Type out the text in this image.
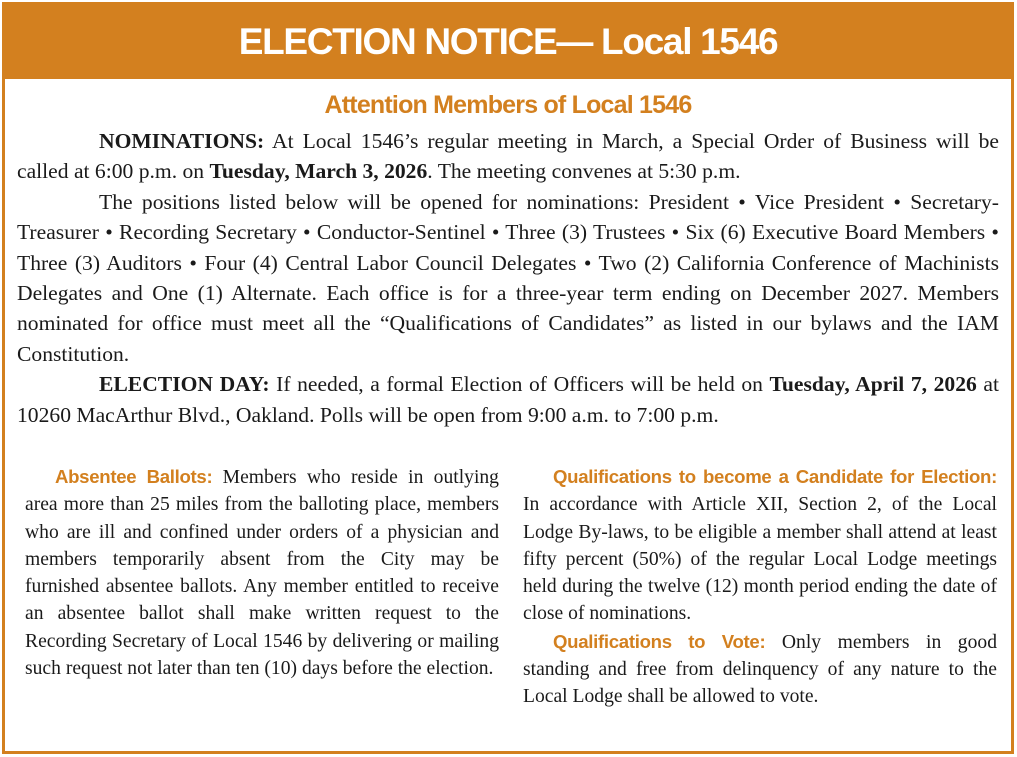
ELECTION NOTICE— Local 1546
Attention Members of Local 1546

NOMINATIONS: At Local 1546’s regular meeting in March, a Special Order of Business will be called at 6:00 p.m. on Tuesday, March 3, 2026. The meeting convenes at 5:30 p.m.

The positions listed below will be opened for nominations: President • Vice President • Secretary-Treasurer • Recording Secretary • Conductor-Sentinel • Three (3) Trustees • Six (6) Executive Board Members • Three (3) Auditors • Four (4) Central Labor Council Delegates • Two (2) California Conference of Machinists Delegates and One (1) Alternate. Each office is for a three-year term ending on December 2027. Members nominated for office must meet all the “Qualifications of Candidates” as listed in our bylaws and the IAM Constitution.

ELECTION DAY: If needed, a formal Election of Officers will be held on Tuesday, April 7, 2026 at 10260 MacArthur Blvd., Oakland. Polls will be open from 9:00 a.m. to 7:00 p.m.

Absentee Ballots: Members who reside in outlying area more than 25 miles from the balloting place, members who are ill and confined under orders of a physician and members temporarily absent from the City may be furnished absentee ballots. Any member entitled to receive an absentee ballot shall make written request to the Recording Secretary of Local 1546 by delivering or mailing such request not later than ten (10) days before the election.

Qualifications to become a Candidate for Election: In accordance with Article XII, Section 2, of the Local Lodge By-laws, to be eligible a member shall attend at least fifty percent (50%) of the regular Local Lodge meetings held during the twelve (12) month period ending the date of close of nominations.

Qualifications to Vote: Only members in good standing and free from delinquency of any nature to the Local Lodge shall be allowed to vote.
